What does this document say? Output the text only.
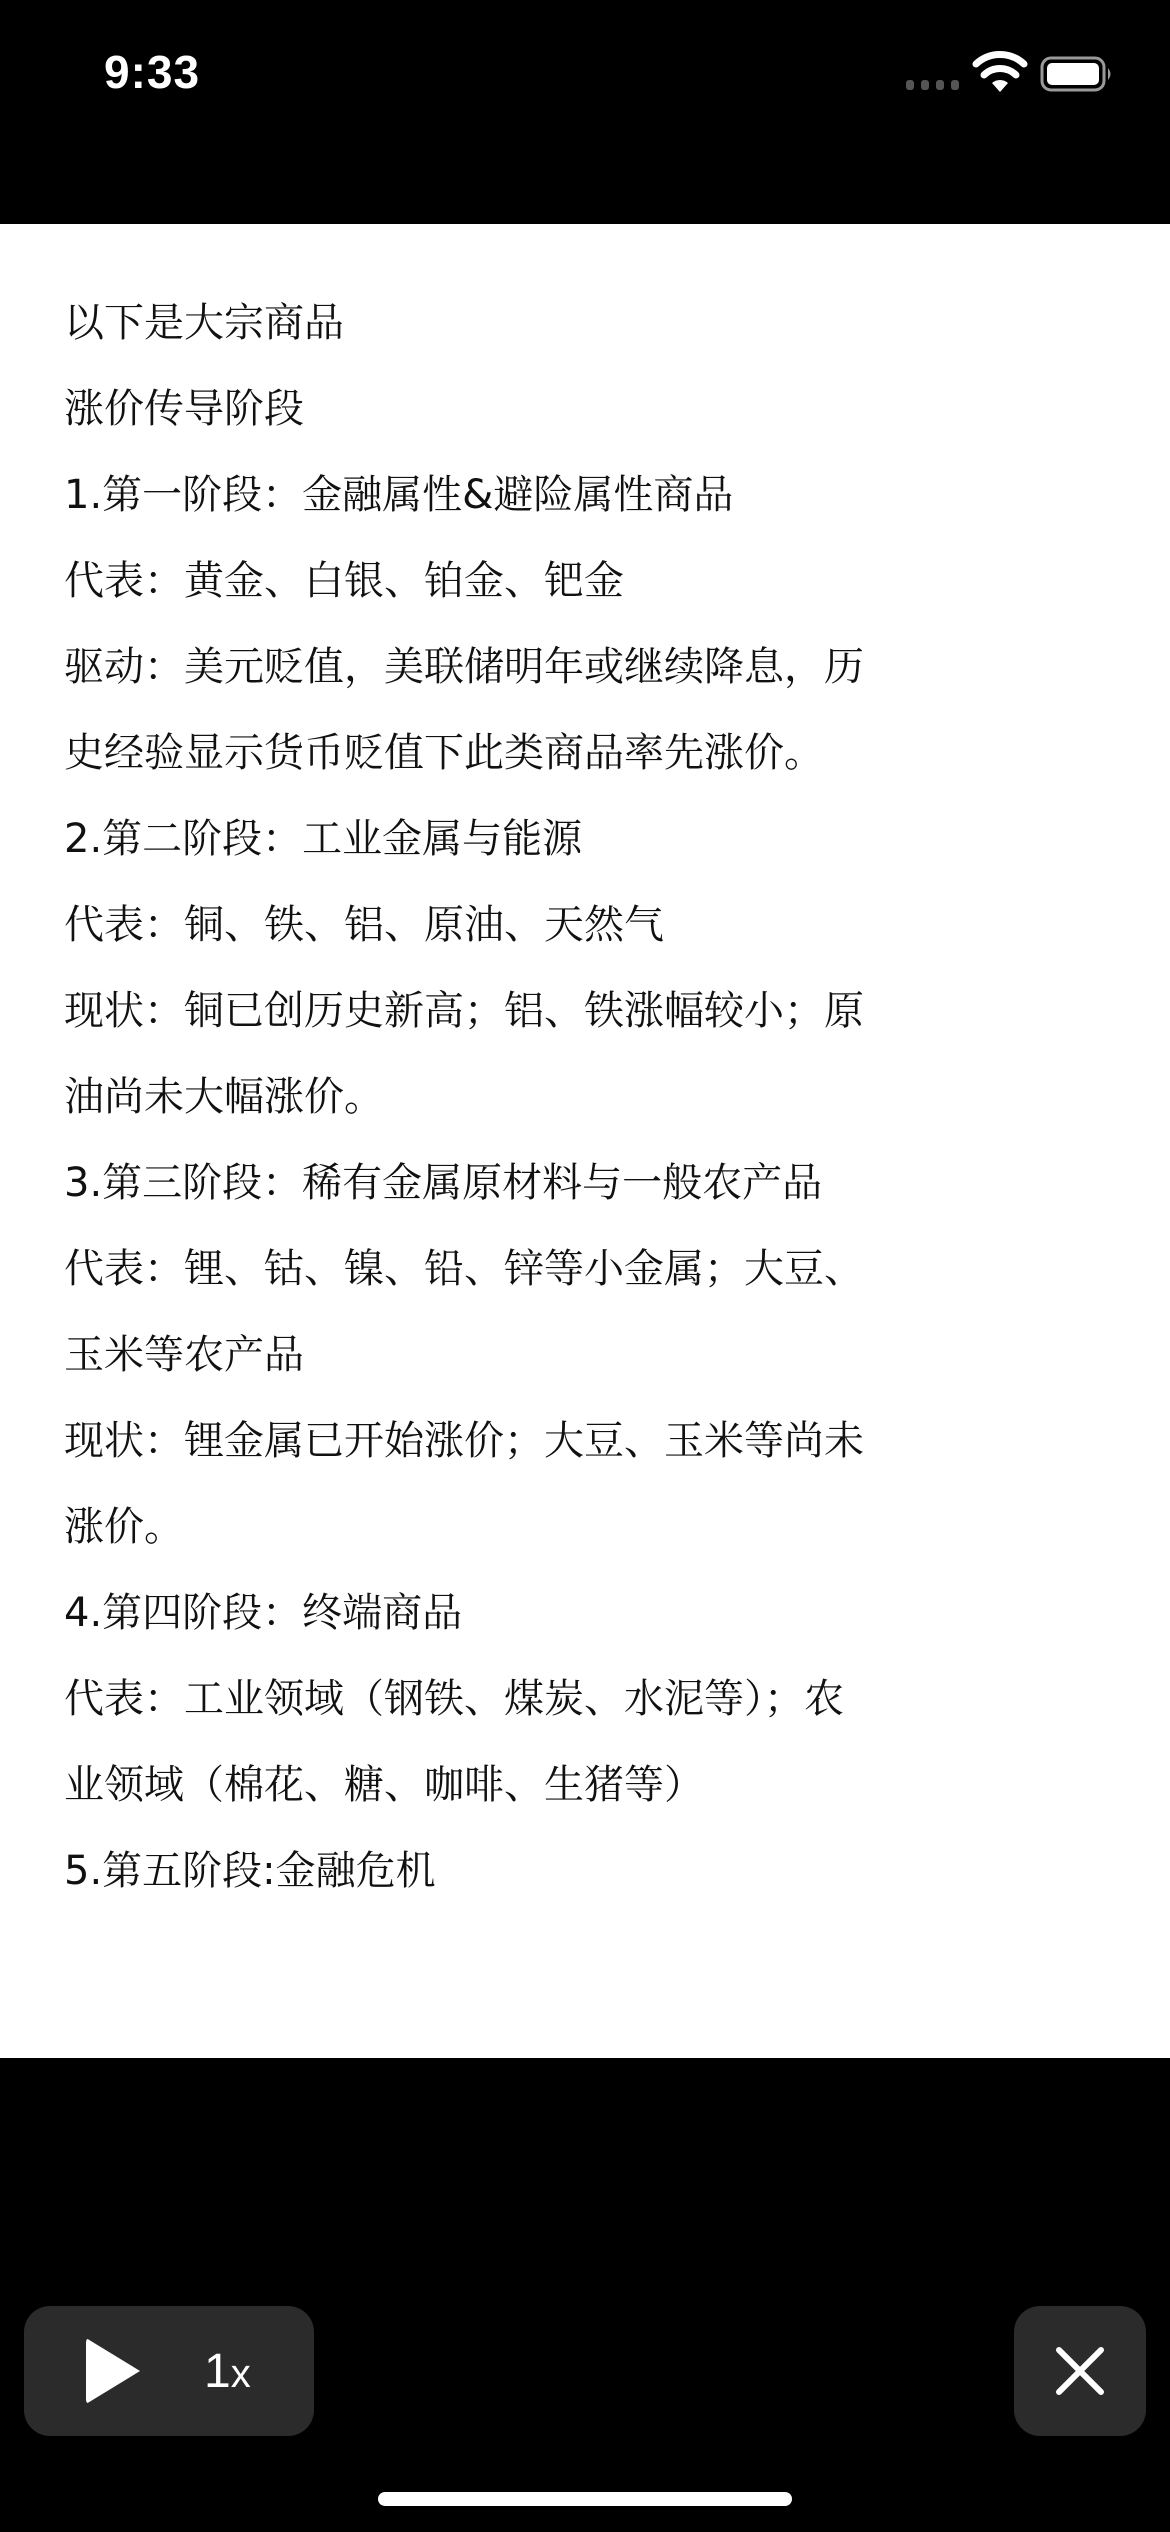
9:33
以下是大宗商品
涨价传导阶段
1.第一阶段：金融属性&避险属性商品
代表：黄金、白银、铂金、钯金
驱动：美元贬值，美联储明年或继续降息，历
史经验显示货币贬值下此类商品率先涨价。
2.第二阶段：工业金属与能源
代表：铜、铁、铝、原油、天然气
现状：铜已创历史新高；铝、铁涨幅较小；原
油尚未大幅涨价。
3.第三阶段：稀有金属原材料与一般农产品
代表：锂、钴、镍、铅、锌等小金属；大豆、
玉米等农产品
现状：锂金属已开始涨价；大豆、玉米等尚未
涨价。
4.第四阶段：终端商品
代表：工业领域（钢铁、煤炭、水泥等）；农
业领域（棉花、糖、咖啡、生猪等）
5.第五阶段:金融危机
1x
